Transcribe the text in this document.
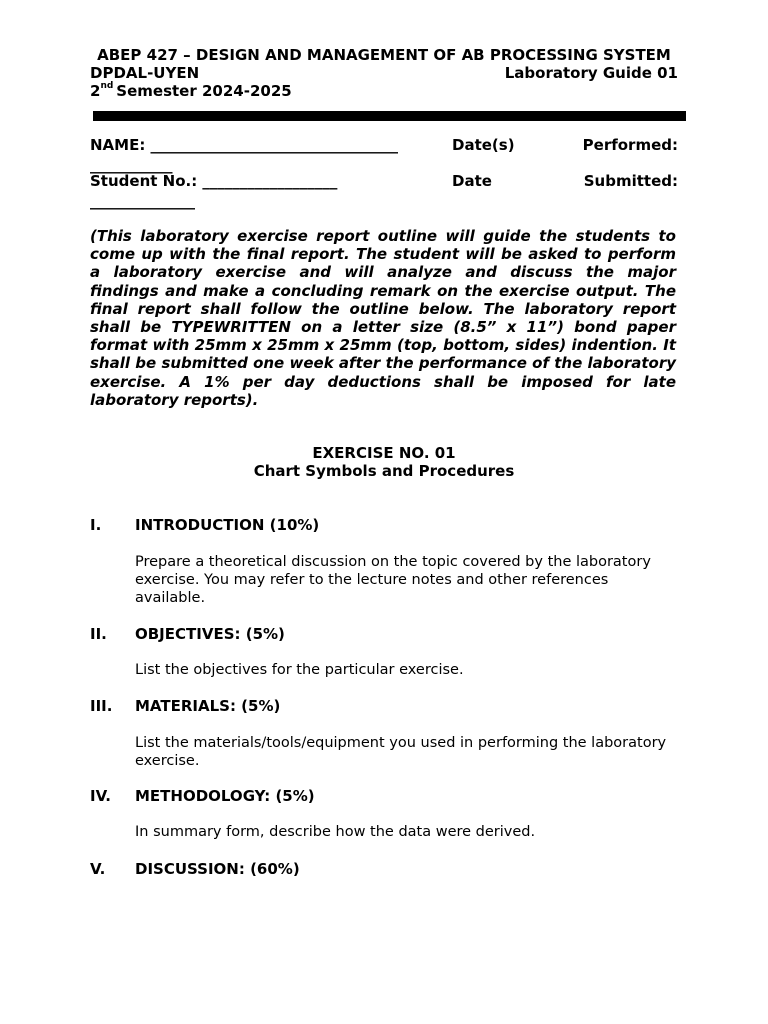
ABEP 427 – DESIGN AND MANAGEMENT OF AB PROCESSING SYSTEM
DPDAL-UYEN	Laboratory Guide 01
2nd Semester 2024-2025
NAME: _________________________________	Date(s)	Performed:
___________
Student No.: __________________	Date	Submitted:
______________
(This laboratory exercise report outline will guide the students to come up with the final report. The student will be asked to perform a laboratory exercise and will analyze and discuss the major findings and make a concluding remark on the exercise output. The final report shall follow the outline below. The laboratory report shall be TYPEWRITTEN on a letter size (8.5” x 11”) bond paper format with 25mm x 25mm x 25mm (top, bottom, sides) indention. It shall be submitted one week after the performance of the laboratory exercise. A 1% per day deductions shall be imposed for late laboratory reports).
EXERCISE NO. 01
Chart Symbols and Procedures
I. INTRODUCTION (10%)
Prepare a theoretical discussion on the topic covered by the laboratory exercise. You may refer to the lecture notes and other references available.
II. OBJECTIVES: (5%)
List the objectives for the particular exercise.
III. MATERIALS: (5%)
List the materials/tools/equipment you used in performing the laboratory exercise.
IV. METHODOLOGY: (5%)
In summary form, describe how the data were derived.
V. DISCUSSION: (60%)
